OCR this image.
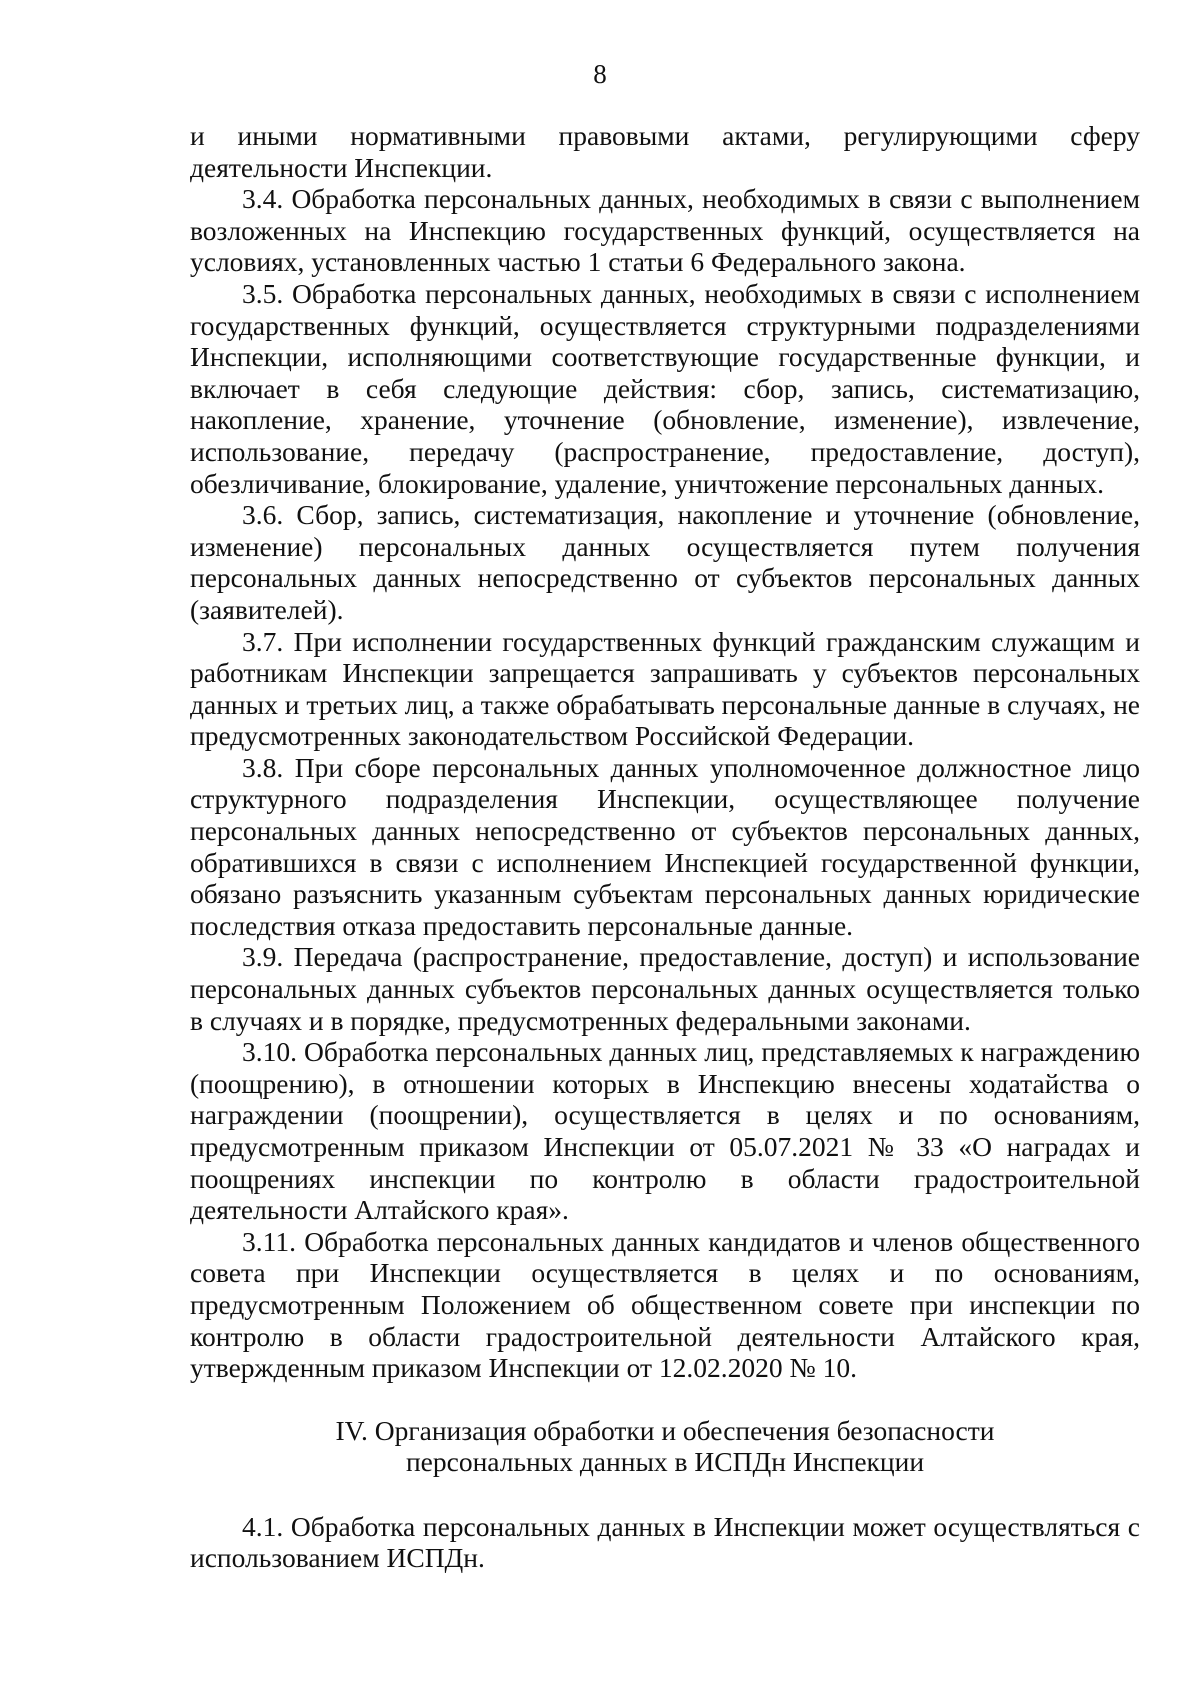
8

и иными нормативными правовыми актами, регулирующими сферу деятельности Инспекции.

3.4. Обработка персональных данных, необходимых в связи с выполнением возложенных на Инспекцию государственных функций, осуществляется на условиях, установленных частью 1 статьи 6 Федерального закона.

3.5. Обработка персональных данных, необходимых в связи с исполнением государственных функций, осуществляется структурными подразделениями Инспекции, исполняющими соответствующие государственные функции, и включает в себя следующие действия: сбор, запись, систематизацию, накопление, хранение, уточнение (обновление, изменение), извлечение, использование, передачу (распространение, предоставление, доступ), обезличивание, блокирование, удаление, уничтожение персональных данных.

3.6. Сбор, запись, систематизация, накопление и уточнение (обновление, изменение) персональных данных осуществляется путем получения персональных данных непосредственно от субъектов персональных данных (заявителей).

3.7. При исполнении государственных функций гражданским служащим и работникам Инспекции запрещается запрашивать у субъектов персональных данных и третьих лиц, а также обрабатывать персональные данные в случаях, не предусмотренных законодательством Российской Федерации.

3.8. При сборе персональных данных уполномоченное должностное лицо структурного подразделения Инспекции, осуществляющее получение персональных данных непосредственно от субъектов персональных данных, обратившихся в связи с исполнением Инспекцией государственной функции, обязано разъяснить указанным субъектам персональных данных юридические последствия отказа предоставить персональные данные.

3.9. Передача (распространение, предоставление, доступ) и использование персональных данных субъектов персональных данных осуществляется только в случаях и в порядке, предусмотренных федеральными законами.

3.10. Обработка персональных данных лиц, представляемых к награждению (поощрению), в отношении которых в Инспекцию внесены ходатайства о награждении (поощрении), осуществляется в целях и по основаниям, предусмотренным приказом Инспекции от 05.07.2021 № 33 «О наградах и поощрениях инспекции по контролю в области градостроительной деятельности Алтайского края».

3.11. Обработка персональных данных кандидатов и членов общественного совета при Инспекции осуществляется в целях и по основаниям, предусмотренным Положением об общественном совете при инспекции по контролю в области градостроительной деятельности Алтайского края, утвержденным приказом Инспекции от 12.02.2020 № 10.

IV. Организация обработки и обеспечения безопасности
персональных данных в ИСПДн Инспекции

4.1. Обработка персональных данных в Инспекции может осуществляться с использованием ИСПДн.
